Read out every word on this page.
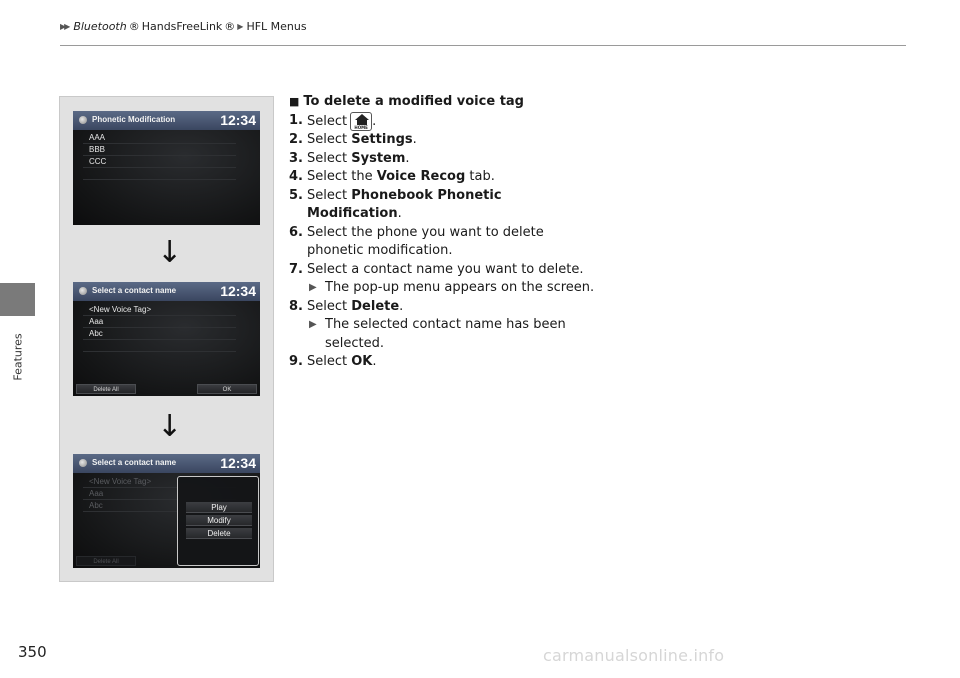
▶▶ Bluetooth ® HandsFreeLink ® ▶ HFL Menus
Features
350
Phonetic Modification	12:34
AAA
BBB
CCC
↓
Select a contact name	12:34
<New Voice Tag>
Aaa
Abc
Delete All	OK
↓
Select a contact name	12:34
<New Voice Tag>
Aaa
Abc
Delete All
Play
Modify
Delete
■ To delete a modified voice tag
1. Select	HOME .
2. Select Settings.
3. Select System.
4. Select the Voice Recog tab.
5. Select Phonebook Phonetic
Modification.
6. Select the phone you want to delete
phonetic modification.
7. Select a contact name you want to delete.
▶ The pop-up menu appears on the screen.
8. Select Delete.
▶ The selected contact name has been
selected.
9. Select OK.
carmanualsonline.info
